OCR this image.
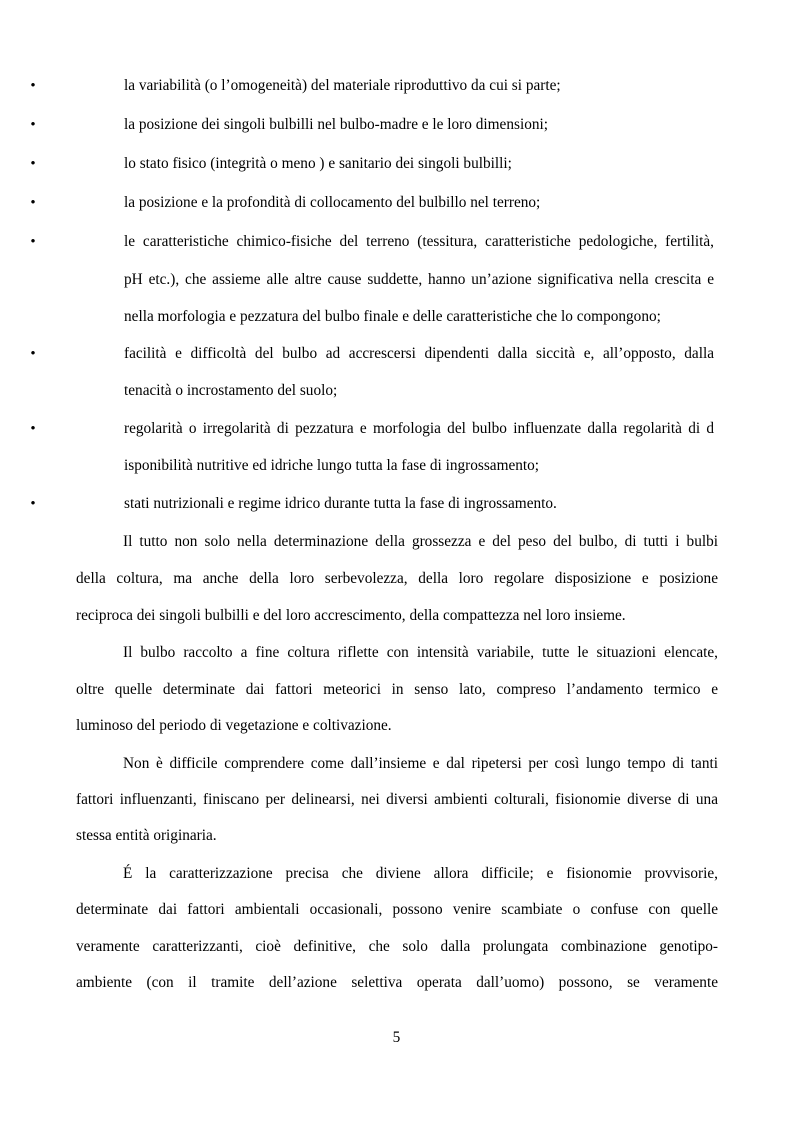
•	la variabilità (o l’omogeneità) del materiale riproduttivo da cui si parte;
•	la posizione dei singoli bulbilli nel bulbo-madre e le loro dimensioni;
•	lo stato fisico (integrità o meno ) e sanitario dei singoli bulbilli;
•	la posizione e la profondità di collocamento del bulbillo nel terreno;
•	le caratteristiche chimico-fisiche del terreno (tessitura, caratteristiche pedologiche, fertilità,
pH etc.), che assieme alle altre cause suddette, hanno un’azione significativa nella crescita e
nella morfologia e pezzatura del bulbo finale e delle caratteristiche che lo compongono;
•	facilità e difficoltà del bulbo ad accrescersi dipendenti dalla siccità e, all’opposto, dalla
tenacità o incrostamento del suolo;
•	regolarità o irregolarità di pezzatura e morfologia del bulbo influenzate dalla regolarità di d
isponibilità nutritive ed idriche lungo tutta la fase di ingrossamento;
•	stati nutrizionali e regime idrico durante tutta la fase di ingrossamento.
Il tutto non solo nella determinazione della grossezza e del peso del bulbo, di tutti i bulbi
della coltura, ma anche della loro serbevolezza, della loro regolare disposizione e posizione
reciproca dei singoli bulbilli e del loro accrescimento, della compattezza nel loro insieme.
Il bulbo raccolto a fine coltura riflette con intensità variabile, tutte le situazioni elencate,
oltre quelle determinate dai fattori meteorici in senso lato, compreso l’andamento termico e
luminoso del periodo di vegetazione e coltivazione.
Non è difficile comprendere come dall’insieme e dal ripetersi per così lungo tempo di tanti
fattori influenzanti, finiscano per delinearsi, nei diversi ambienti colturali, fisionomie diverse di una
stessa entità originaria.
É la caratterizzazione precisa che diviene allora difficile; e fisionomie provvisorie,
determinate dai fattori ambientali occasionali, possono venire scambiate o confuse con quelle
veramente caratterizzanti, cioè definitive, che solo dalla prolungata combinazione genotipo-
ambiente (con il tramite dell’azione selettiva operata dall’uomo) possono, se veramente
5
